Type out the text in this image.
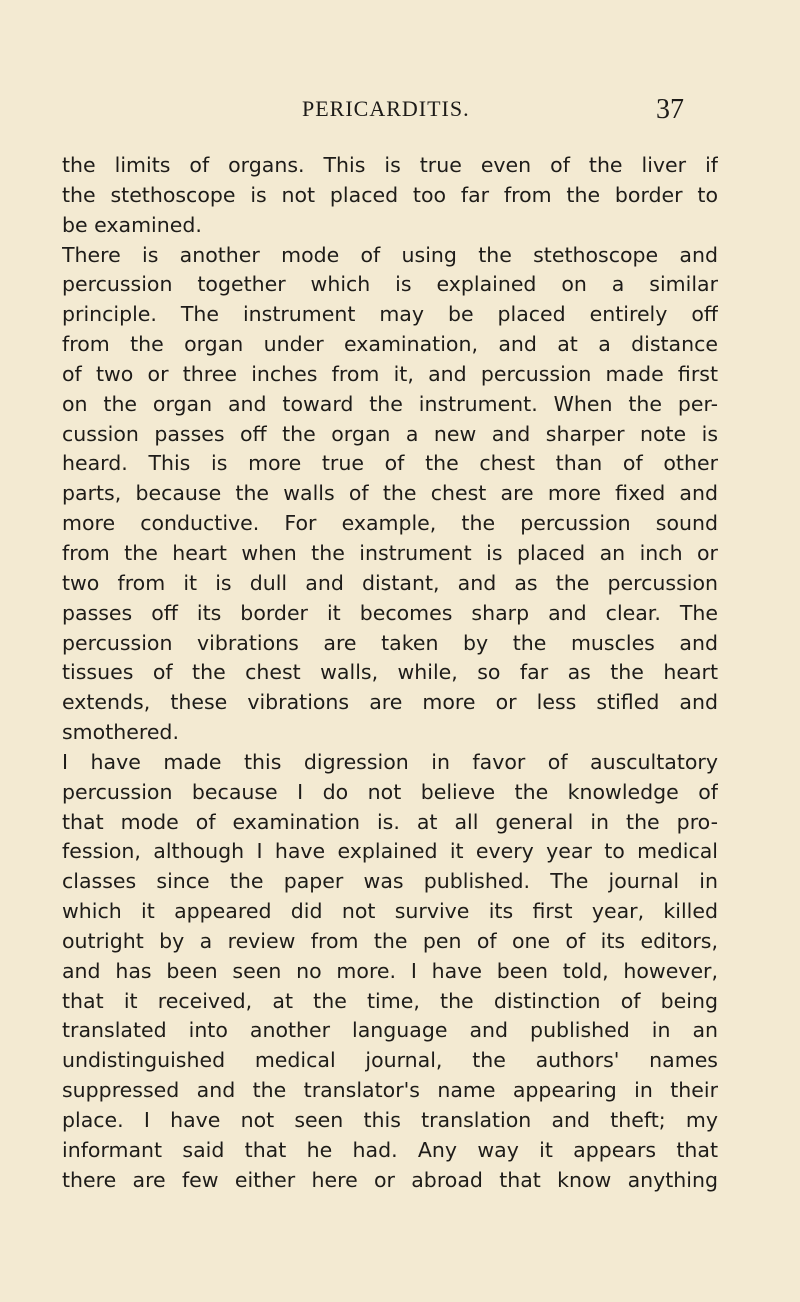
PERICARDITIS.	37
the limits of organs. This is true even of the liver if
the stethoscope is not placed too far from the border to
be examined.
There is another mode of using the stethoscope and
percussion together which is explained on a similar
principle. The instrument may be placed entirely off
from the organ under examination, and at a distance
of two or three inches from it, and percussion made first
on the organ and toward the instrument. When the per-
cussion passes off the organ a new and sharper note is
heard. This is more true of the chest than of other
parts, because the walls of the chest are more fixed and
more conductive. For example, the percussion sound
from the heart when the instrument is placed an inch or
two from it is dull and distant, and as the percussion
passes off its border it becomes sharp and clear. The
percussion vibrations are taken by the muscles and
tissues of the chest walls, while, so far as the heart
extends, these vibrations are more or less stifled and
smothered.
I have made this digression in favor of auscultatory
percussion because I do not believe the knowledge of
that mode of examination is. at all general in the pro-
fession, although I have explained it every year to medical
classes since the paper was published. The journal in
which it appeared did not survive its first year, killed
outright by a review from the pen of one of its editors,
and has been seen no more. I have been told, however,
that it received, at the time, the distinction of being
translated into another language and published in an
undistinguished medical journal, the authors' names
suppressed and the translator's name appearing in their
place. I have not seen this translation and theft; my
informant said that he had. Any way it appears that
there are few either here or abroad that know anything
